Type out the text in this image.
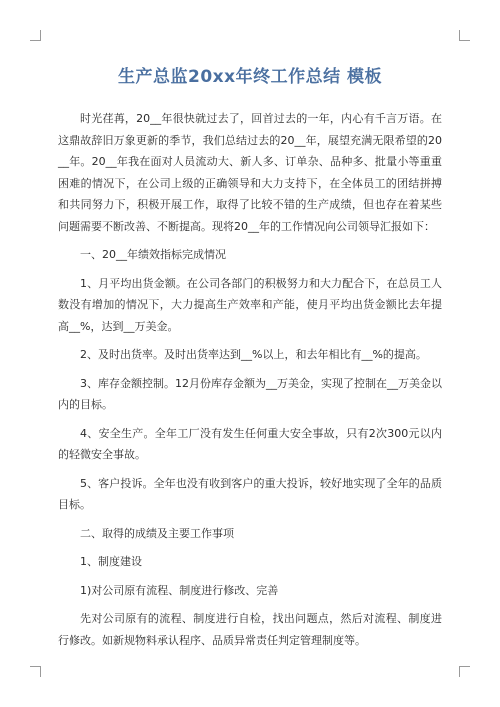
生产总监20xx年终工作总结 模板

时光荏苒，20__年很快就过去了，回首过去的一年，内心有千言万语。在这鼎故辞旧万象更新的季节，我们总结过去的20__年，展望充满无限希望的20__年。20__年我在面对人员流动大、新人多、订单杂、品种多、批量小等重重困难的情况下，在公司上级的正确领导和大力支持下，在全体员工的团结拼搏和共同努力下，积极开展工作，取得了比较不错的生产成绩，但也存在着某些问题需要不断改善、不断提高。现将20__年的工作情况向公司领导汇报如下：

一、20__年绩效指标完成情况

1、月平均出货金额。在公司各部门的积极努力和大力配合下，在总员工人数没有增加的情况下，大力提高生产效率和产能，使月平均出货金额比去年提高__%，达到__万美金。

2、及时出货率。及时出货率达到__%以上，和去年相比有__%的提高。

3、库存金额控制。12月份库存金额为__万美金，实现了控制在__万美金以内的目标。

4、安全生产。全年工厂没有发生任何重大安全事故，只有2次300元以内的轻微安全事故。

5、客户投诉。全年也没有收到客户的重大投诉，较好地实现了全年的品质目标。

二、取得的成绩及主要工作事项

1、制度建设

1)对公司原有流程、制度进行修改、完善

先对公司原有的流程、制度进行自检，找出问题点，然后对流程、制度进行修改。如新规物料承认程序、品质异常责任判定管理制度等。
